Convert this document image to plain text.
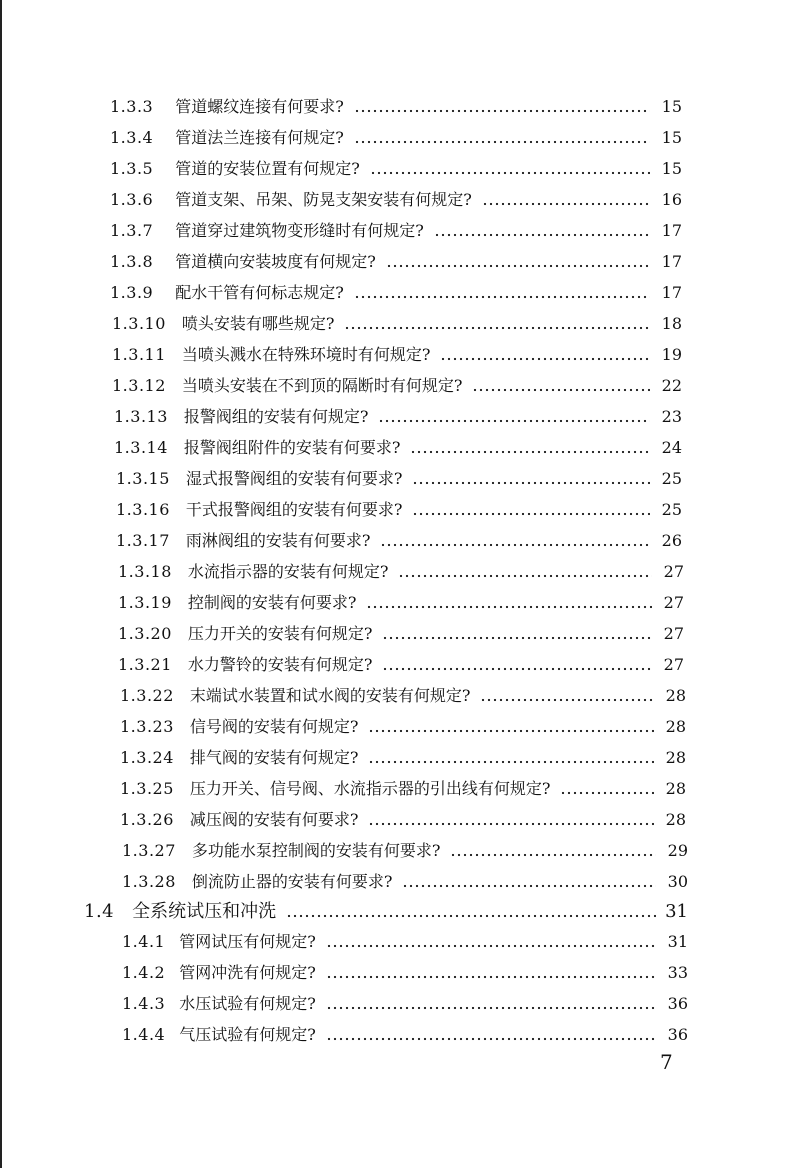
1.3.3 管道螺纹连接有何要求?	15
1.3.4 管道法兰连接有何规定?	15
1.3.5 管道的安装位置有何规定?	15
1.3.6 管道支架、吊架、防晃支架安装有何规定?	16
1.3.7 管道穿过建筑物变形缝时有何规定?	17
1.3.8 管道横向安装坡度有何规定?	17
1.3.9 配水干管有何标志规定?	17
1.3.10 喷头安装有哪些规定?	18
1.3.11 当喷头溅水在特殊环境时有何规定?	19
1.3.12 当喷头安装在不到顶的隔断时有何规定?	22
1.3.13 报警阀组的安装有何规定?	23
1.3.14 报警阀组附件的安装有何要求?	24
1.3.15 湿式报警阀组的安装有何要求?	25
1.3.16 干式报警阀组的安装有何要求?	25
1.3.17 雨淋阀组的安装有何要求?	26
1.3.18 水流指示器的安装有何规定?	27
1.3.19 控制阀的安装有何要求?	27
1.3.20 压力开关的安装有何规定?	27
1.3.21 水力警铃的安装有何规定?	27
1.3.22 末端试水装置和试水阀的安装有何规定?	28
1.3.23 信号阀的安装有何规定?	28
1.3.24 排气阀的安装有何规定?	28
1.3.25 压力开关、信号阀、水流指示器的引出线有何规定?	28
1.3.26 减压阀的安装有何要求?	28
1.3.27 多功能水泵控制阀的安装有何要求?	29
1.3.28 倒流防止器的安装有何要求?	30
1.4 全系统试压和冲洗	31
1.4.1 管网试压有何规定?	31
1.4.2 管网冲洗有何规定?	33
1.4.3 水压试验有何规定?	36
1.4.4 气压试验有何规定?	36
7
